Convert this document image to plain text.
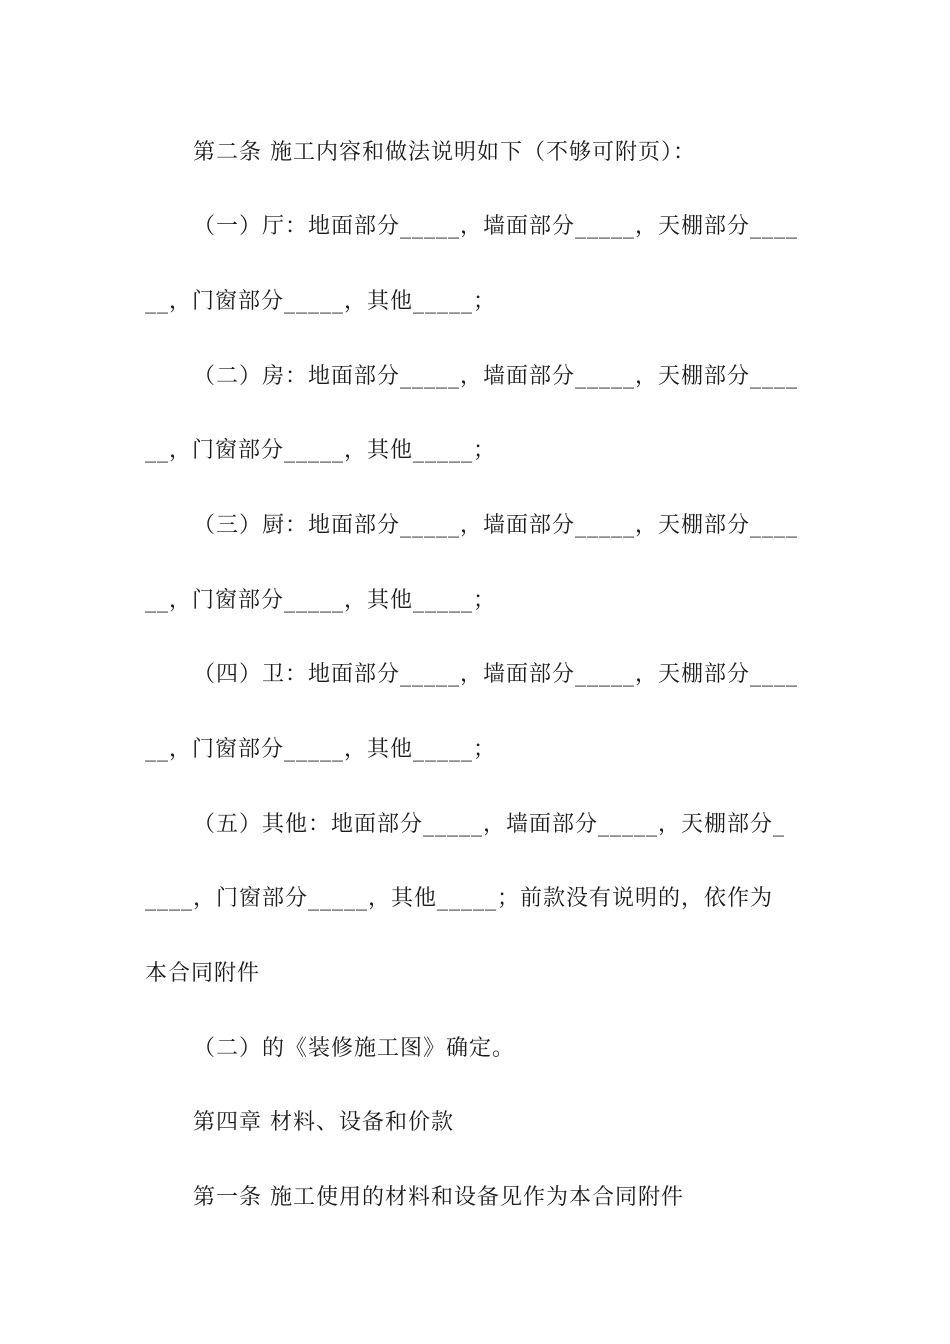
第二条 施工内容和做法说明如下（不够可附页）：
（一）厅：地面部分_____，墙面部分_____，天棚部分____
__，门窗部分_____，其他_____；
（二）房：地面部分_____，墙面部分_____，天棚部分____
__，门窗部分_____，其他_____；
（三）厨：地面部分_____，墙面部分_____，天棚部分____
__，门窗部分_____，其他_____；
（四）卫：地面部分_____，墙面部分_____，天棚部分____
__，门窗部分_____，其他_____；
（五）其他：地面部分_____，墙面部分_____，天棚部分_
____，门窗部分_____，其他_____；前款没有说明的，依作为
本合同附件
（二）的《装修施工图》确定。
第四章 材料、设备和价款
第一条 施工使用的材料和设备见作为本合同附件
